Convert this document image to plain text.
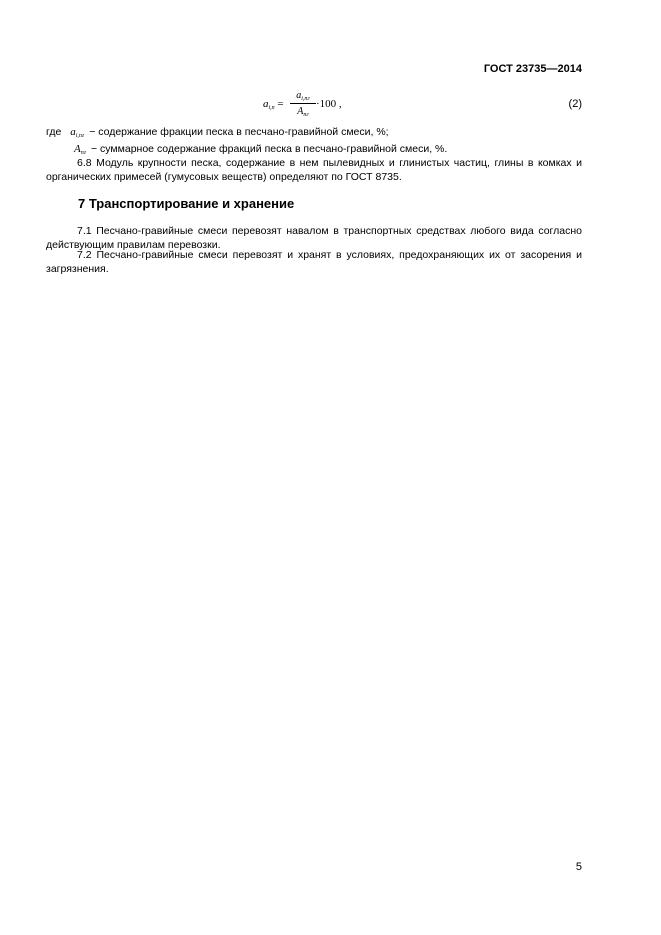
ГОСТ 23735—2014
$a_{i,п}$ =
$a_{i,пг}$
$A_{пг}$
·100 ,	(2)
где $a_{i,пг}$ − содержание фракции песка в песчано-гравийной смеси, %;
$A_{пг}$ − суммарное содержание фракций песка в песчано-гравийной смеси, %.
6.8 Модуль крупности песка, содержание в нем пылевидных и глинистых частиц, глины в комках и органических примесей (гумусовых веществ) определяют по ГОСТ 8735.
7 Транспортирование и хранение
7.1 Песчано-гравийные смеси перевозят навалом в транспортных средствах любого вида согласно действующим правилам перевозки.
7.2 Песчано-гравийные смеси перевозят и хранят в условиях, предохраняющих их от засорения и загрязнения.
5
